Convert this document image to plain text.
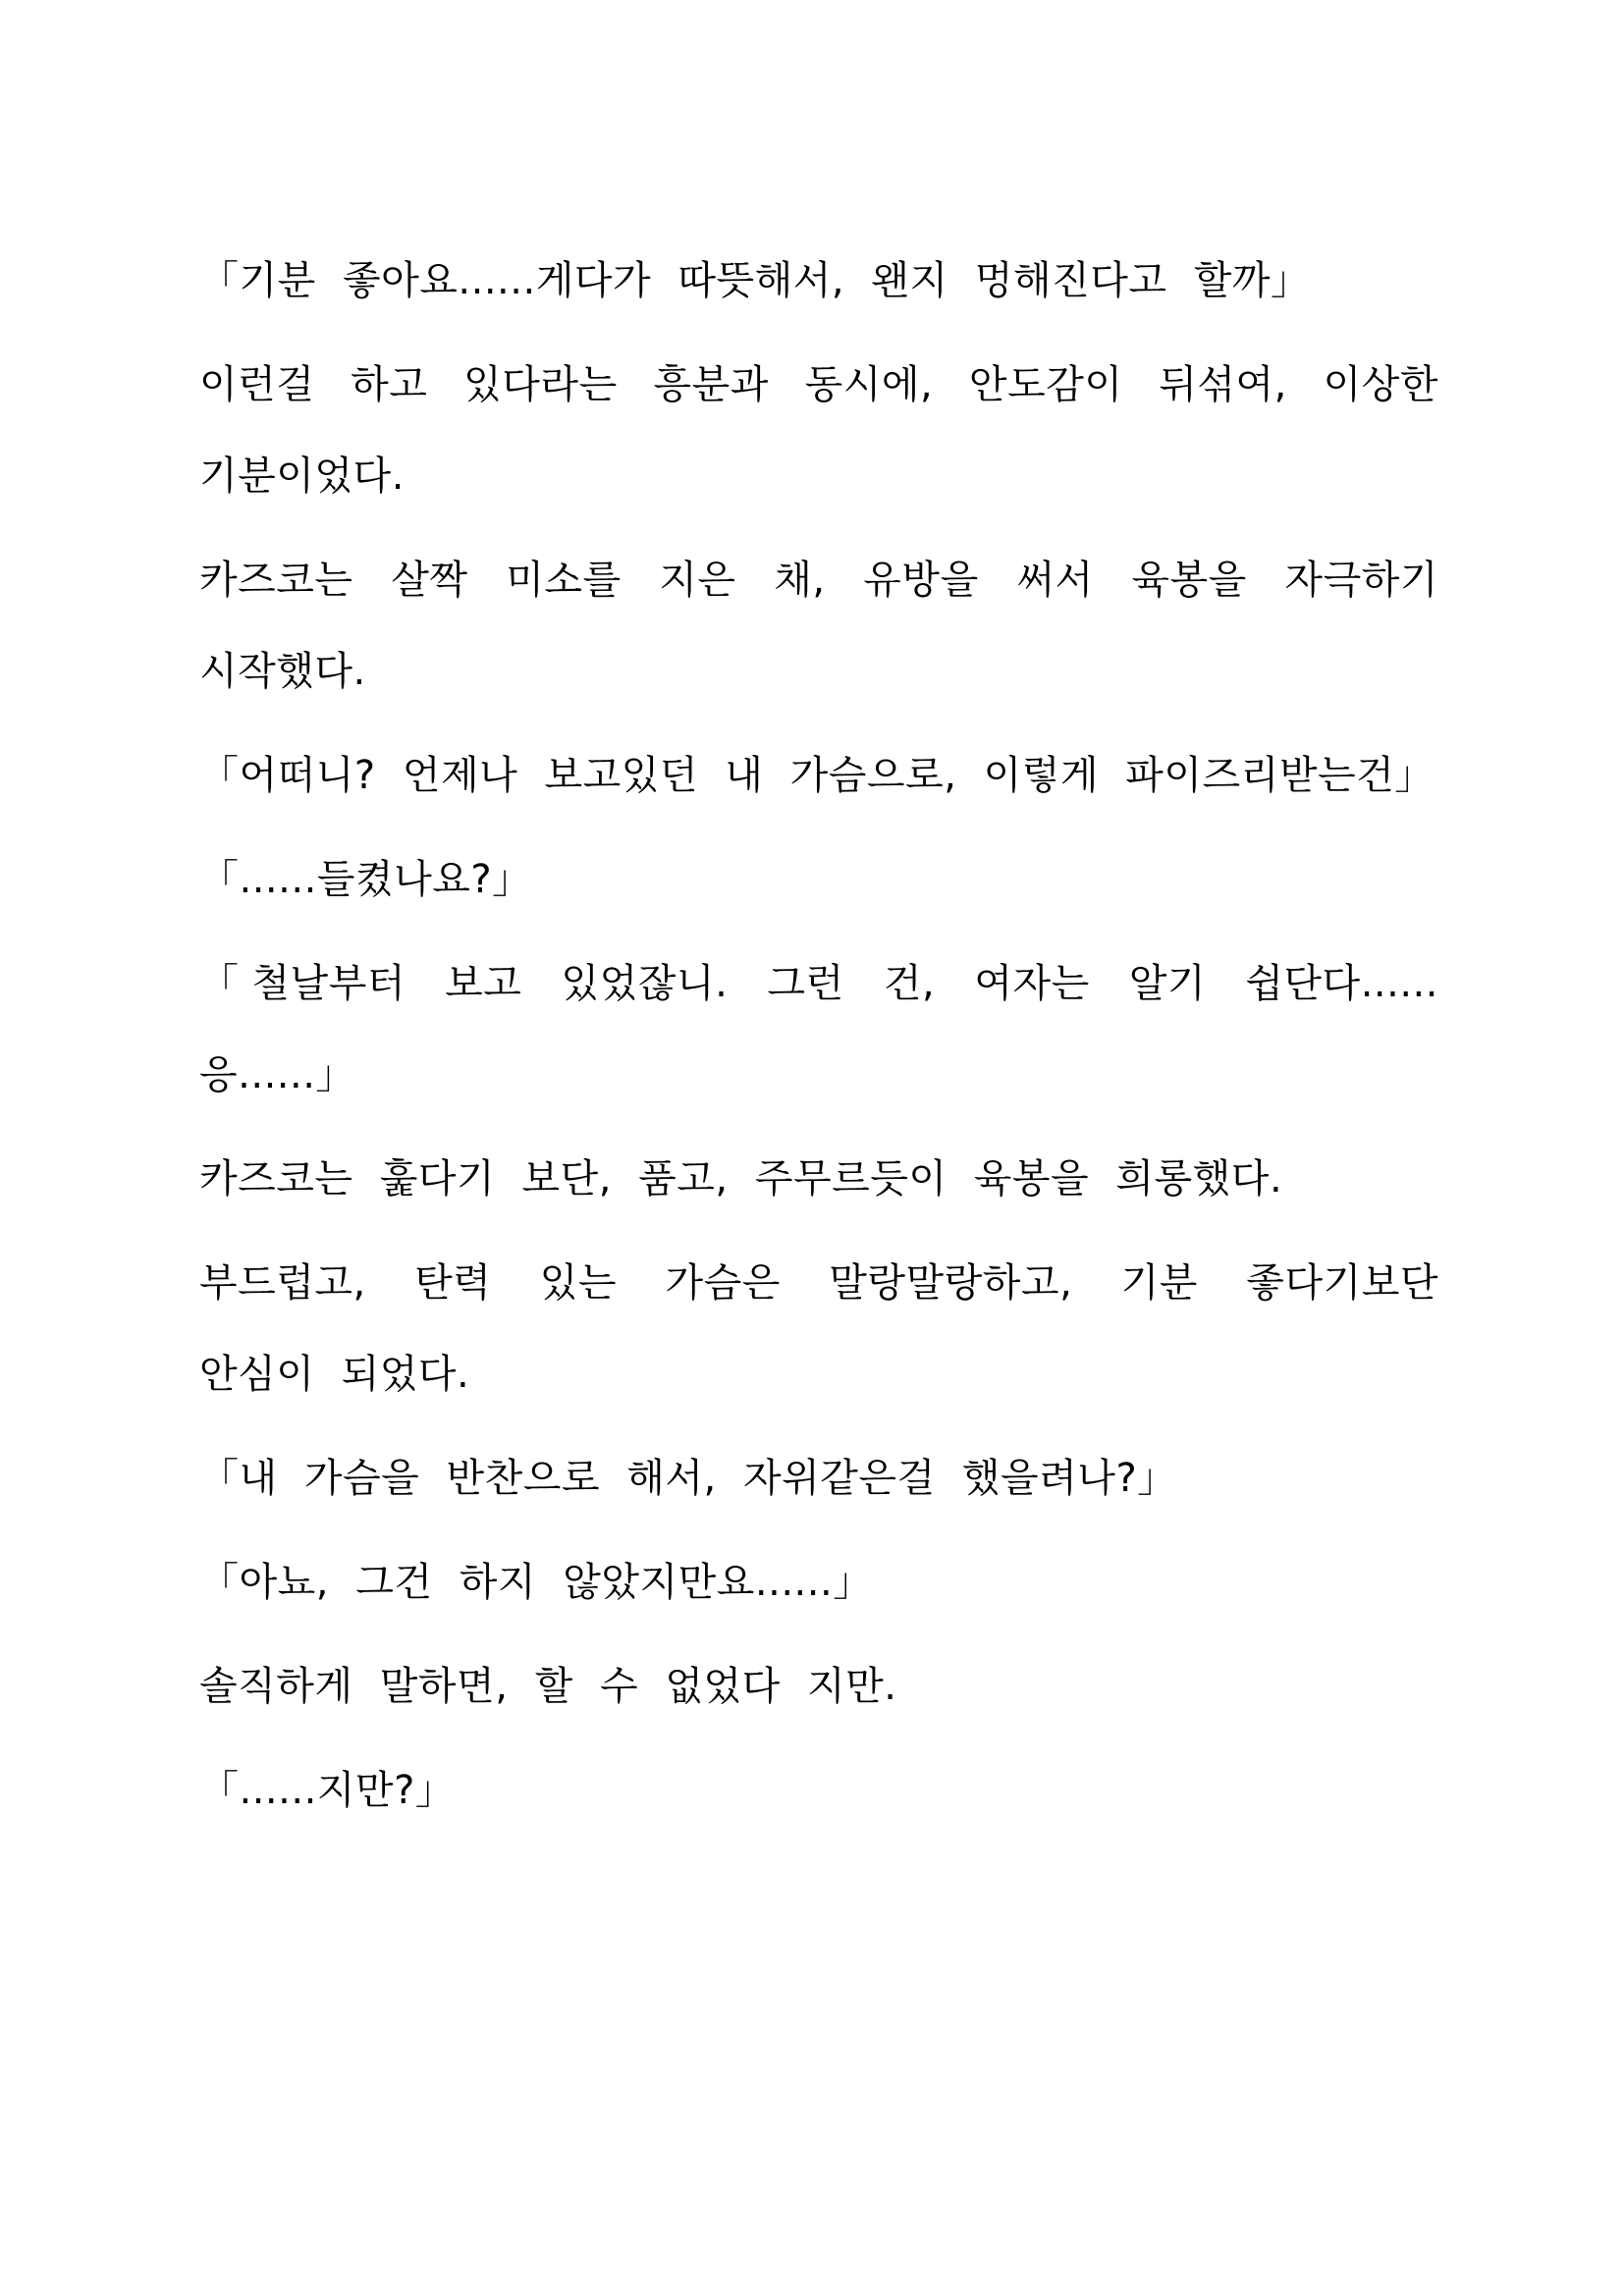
「기분 좋아요......게다가 따뜻해서, 왠지 멍해진다고 할까」

이런걸 하고 있다라는 흥분과 동시에, 안도감이 뒤섞여, 이상한 기분이었다.

카즈코는 살짝 미소를 지은 채, 유방을 써서 육봉을 자극하기 시작했다.

「어떠니? 언제나 보고있던 내 가슴으로, 이렇게 파이즈리받는건」

「......들켰나요?」

「철날부터 보고 있었잖니. 그런 건, 여자는 알기 쉽단다......응......」

카즈코는 훑다기 보단, 품고, 주무르듯이 육봉을 희롱했다.

부드럽고, 탄력 있는 가슴은 말랑말랑하고, 기분 좋다기보단 안심이 되었다.

「내 가슴을 반찬으로 해서, 자위같은걸 했을려나?」

「아뇨, 그건 하지 않았지만요......」

솔직하게 말하면, 할 수 없었다 지만.

「......지만?」
